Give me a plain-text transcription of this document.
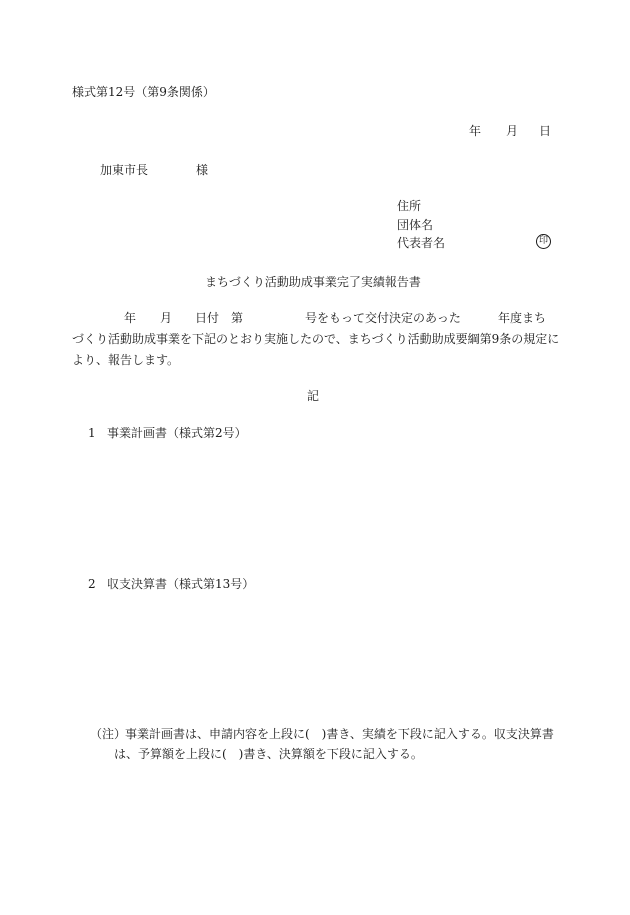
様式第12号（第9条関係）
年 月 日
加東市長	様
住所
団体名
代表者名	印
まちづくり活動助成事業完了実績報告書
年 月 日付　第	号をもって交付決定のあった	年度まち
づくり活動助成事業を下記のとおり実施したので、まちづくり活動助成要綱第9条の規定に
より、報告します。
記
1 事業計画書（様式第2号）
2 収支決算書（様式第13号）
（注）
事業計画書は、申請内容を上段に(　)書き、実績を下段に記入する。収支決算書
は、予算額を上段に(　)書き、決算額を下段に記入する。
